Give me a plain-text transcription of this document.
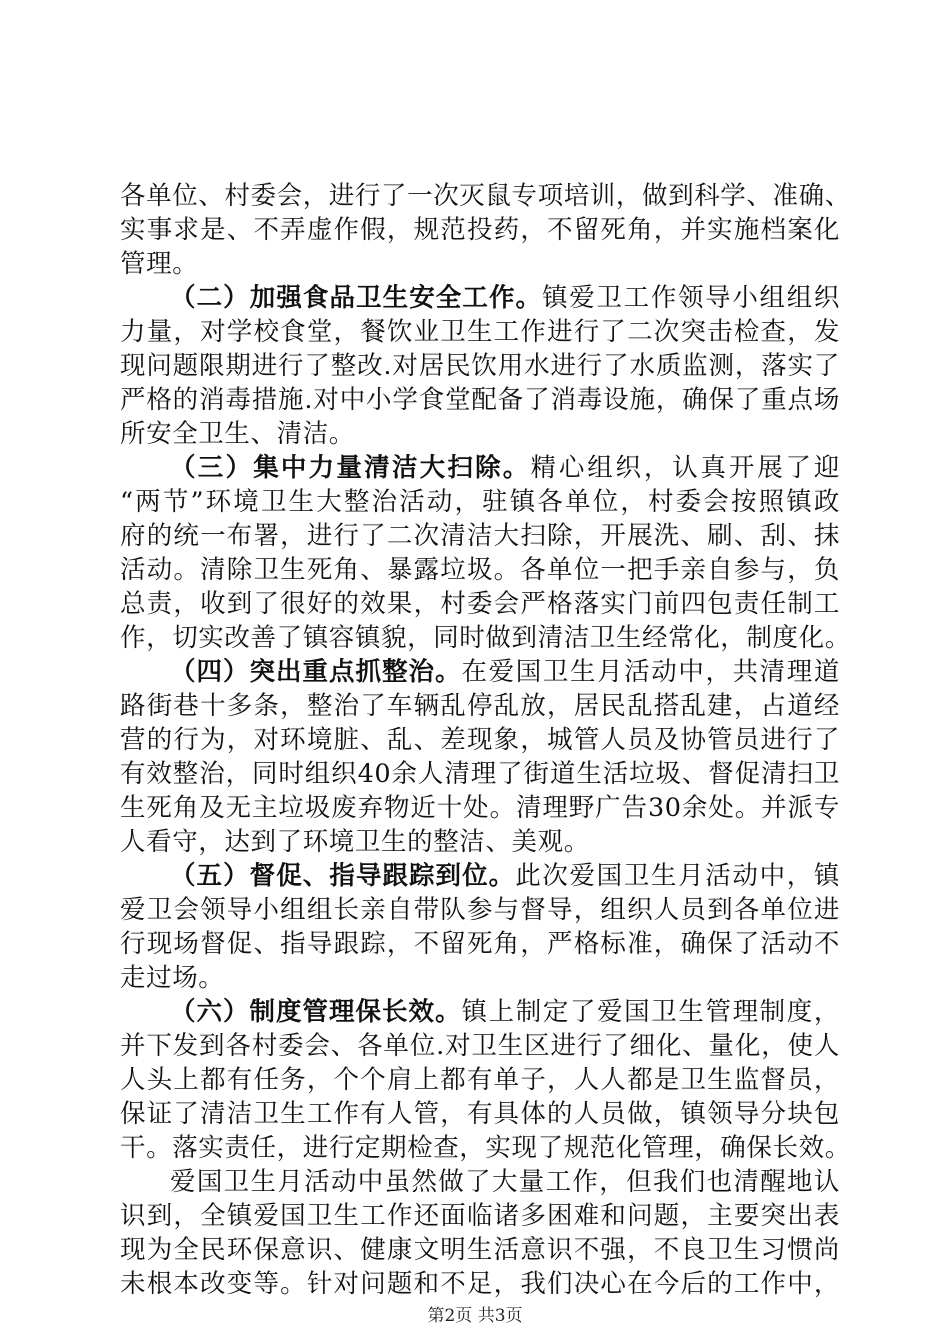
各单位、村委会，进行了一次灭鼠专项培训，做到科学、准确、
实事求是、不弄虚作假，规范投药，不留死角，并实施档案化
管理。
（二）加强食品卫生安全工作。镇爱卫工作领导小组组织
力量，对学校食堂，餐饮业卫生工作进行了二次突击检查，发
现问题限期进行了整改.对居民饮用水进行了水质监测，落实了
严格的消毒措施.对中小学食堂配备了消毒设施，确保了重点场
所安全卫生、清洁。
（三）集中力量清洁大扫除。精心组织，认真开展了迎
“两节”环境卫生大整治活动，驻镇各单位，村委会按照镇政
府的统一布署，进行了二次清洁大扫除，开展洗、刷、刮、抹
活动。清除卫生死角、暴露垃圾。各单位一把手亲自参与，负
总责，收到了很好的效果，村委会严格落实门前四包责任制工
作，切实改善了镇容镇貌，同时做到清洁卫生经常化，制度化。
（四）突出重点抓整治。在爱国卫生月活动中，共清理道
路街巷十多条，整治了车辆乱停乱放，居民乱搭乱建，占道经
营的行为，对环境脏、乱、差现象，城管人员及协管员进行了
有效整治，同时组织40余人清理了街道生活垃圾、督促清扫卫
生死角及无主垃圾废弃物近十处。清理野广告30余处。并派专
人看守，达到了环境卫生的整洁、美观。
（五）督促、指导跟踪到位。此次爱国卫生月活动中，镇
爱卫会领导小组组长亲自带队参与督导，组织人员到各单位进
行现场督促、指导跟踪，不留死角，严格标准，确保了活动不
走过场。
（六）制度管理保长效。镇上制定了爱国卫生管理制度，
并下发到各村委会、各单位.对卫生区进行了细化、量化，使人
人头上都有任务，个个肩上都有单子，人人都是卫生监督员，
保证了清洁卫生工作有人管，有具体的人员做，镇领导分块包
干。落实责任，进行定期检查，实现了规范化管理，确保长效。
爱国卫生月活动中虽然做了大量工作，但我们也清醒地认
识到，全镇爱国卫生工作还面临诸多困难和问题，主要突出表
现为全民环保意识、健康文明生活意识不强，不良卫生习惯尚
未根本改变等。针对问题和不足，我们决心在今后的工作中，
第2页 共3页
